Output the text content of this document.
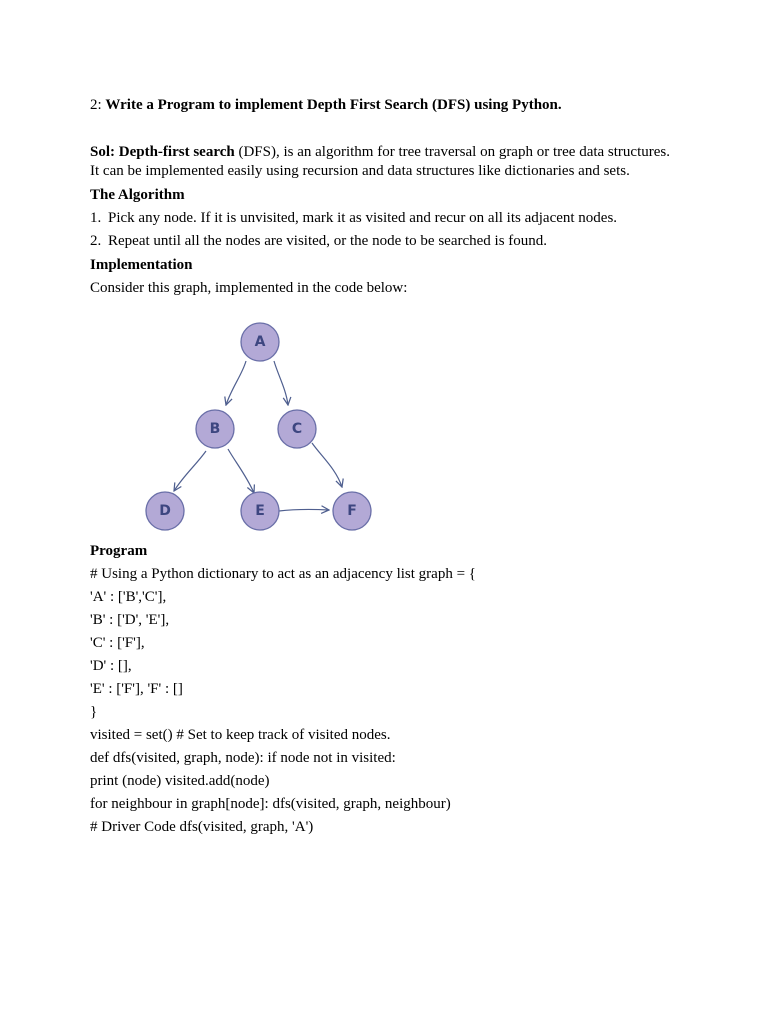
2: Write a Program to implement Depth First Search (DFS) using Python.
Sol: Depth-first search (DFS), is an algorithm for tree traversal on graph or tree data structures.
It can be implemented easily using recursion and data structures like dictionaries and sets.
The Algorithm
1. Pick any node. If it is unvisited, mark it as visited and recur on all its adjacent nodes.
2. Repeat until all the nodes are visited, or the node to be searched is found.
Implementation
Consider this graph, implemented in the code below:
A
B	C
D	E	F
Program
# Using a Python dictionary to act as an adjacency list graph = {
'A' : ['B','C'],
'B' : ['D', 'E'],
'C' : ['F'],
'D' : [],
'E' : ['F'], 'F' : []
}
visited = set() # Set to keep track of visited nodes.
def dfs(visited, graph, node): if node not in visited:
print (node) visited.add(node)
for neighbour in graph[node]: dfs(visited, graph, neighbour)
# Driver Code dfs(visited, graph, 'A')
